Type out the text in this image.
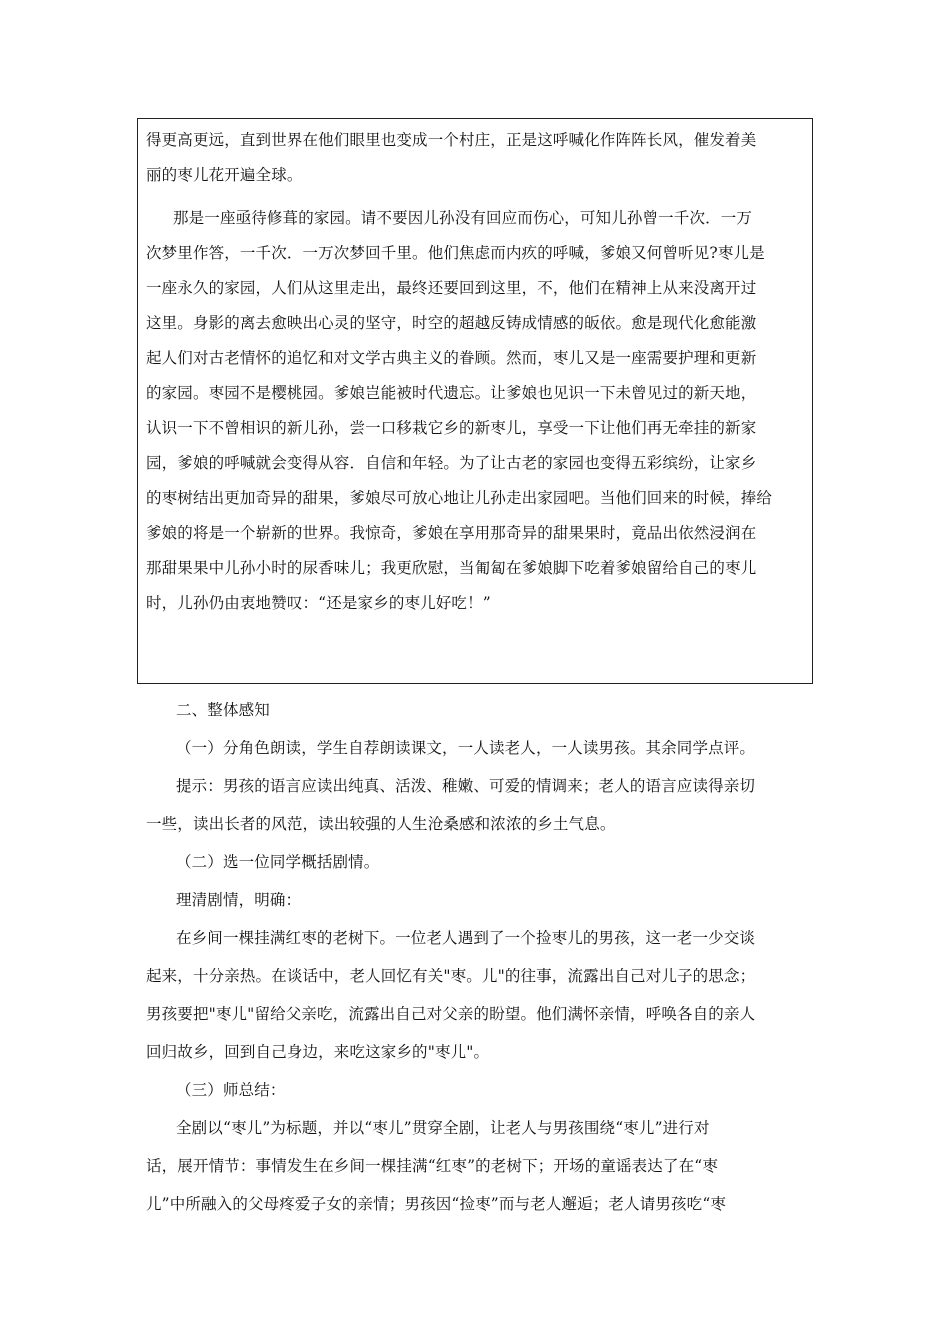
得更高更远，直到世界在他们眼里也变成一个村庄，正是这呼喊化作阵阵长风，催发着美
丽的枣儿花开遍全球。
那是一座亟待修葺的家园。请不要因儿孙没有回应而伤心，可知儿孙曾一千次．一万
次梦里作答，一千次．一万次梦回千里。他们焦虑而内疚的呼喊，爹娘又何曾听见?枣儿是
一座永久的家园，人们从这里走出，最终还要回到这里，不，他们在精神上从来没离开过
这里。身影的离去愈映出心灵的坚守，时空的超越反铸成情感的皈依。愈是现代化愈能激
起人们对古老情怀的追忆和对文学古典主义的眷顾。然而，枣儿又是一座需要护理和更新
的家园。枣园不是樱桃园。爹娘岂能被时代遗忘。让爹娘也见识一下未曾见过的新天地，
认识一下不曾相识的新儿孙，尝一口移栽它乡的新枣儿，享受一下让他们再无牵挂的新家
园，爹娘的呼喊就会变得从容．自信和年轻。为了让古老的家园也变得五彩缤纷，让家乡
的枣树结出更加奇异的甜果，爹娘尽可放心地让儿孙走出家园吧。当他们回来的时候，捧给
爹娘的将是一个崭新的世界。我惊奇，爹娘在享用那奇异的甜果果时，竟品出依然浸润在
那甜果果中儿孙小时的尿香味儿；我更欣慰，当匍匐在爹娘脚下吃着爹娘留给自己的枣儿
时，儿孙仍由衷地赞叹：“还是家乡的枣儿好吃！”
二、整体感知
（一）分角色朗读，学生自荐朗读课文，一人读老人，一人读男孩。其余同学点评。
提示：男孩的语言应读出纯真、活泼、稚嫩、可爱的情调来；老人的语言应读得亲切
一些，读出长者的风范，读出较强的人生沧桑感和浓浓的乡土气息。
（二）选一位同学概括剧情。
理清剧情，明确：
在乡间一棵挂满红枣的老树下。一位老人遇到了一个捡枣儿的男孩，这一老一少交谈
起来，十分亲热。在谈话中，老人回忆有关"枣。儿"的往事，流露出自己对儿子的思念；
男孩要把"枣儿"留给父亲吃，流露出自己对父亲的盼望。他们满怀亲情，呼唤各自的亲人
回归故乡，回到自己身边，来吃这家乡的"枣儿"。
（三）师总结：
全剧以“枣儿”为标题，并以“枣儿”贯穿全剧，让老人与男孩围绕“枣儿”进行对
话，展开情节：事情发生在乡间一棵挂满“红枣”的老树下；开场的童谣表达了在“枣
儿”中所融入的父母疼爱子女的亲情；男孩因“捡枣”而与老人邂逅；老人请男孩吃“枣
